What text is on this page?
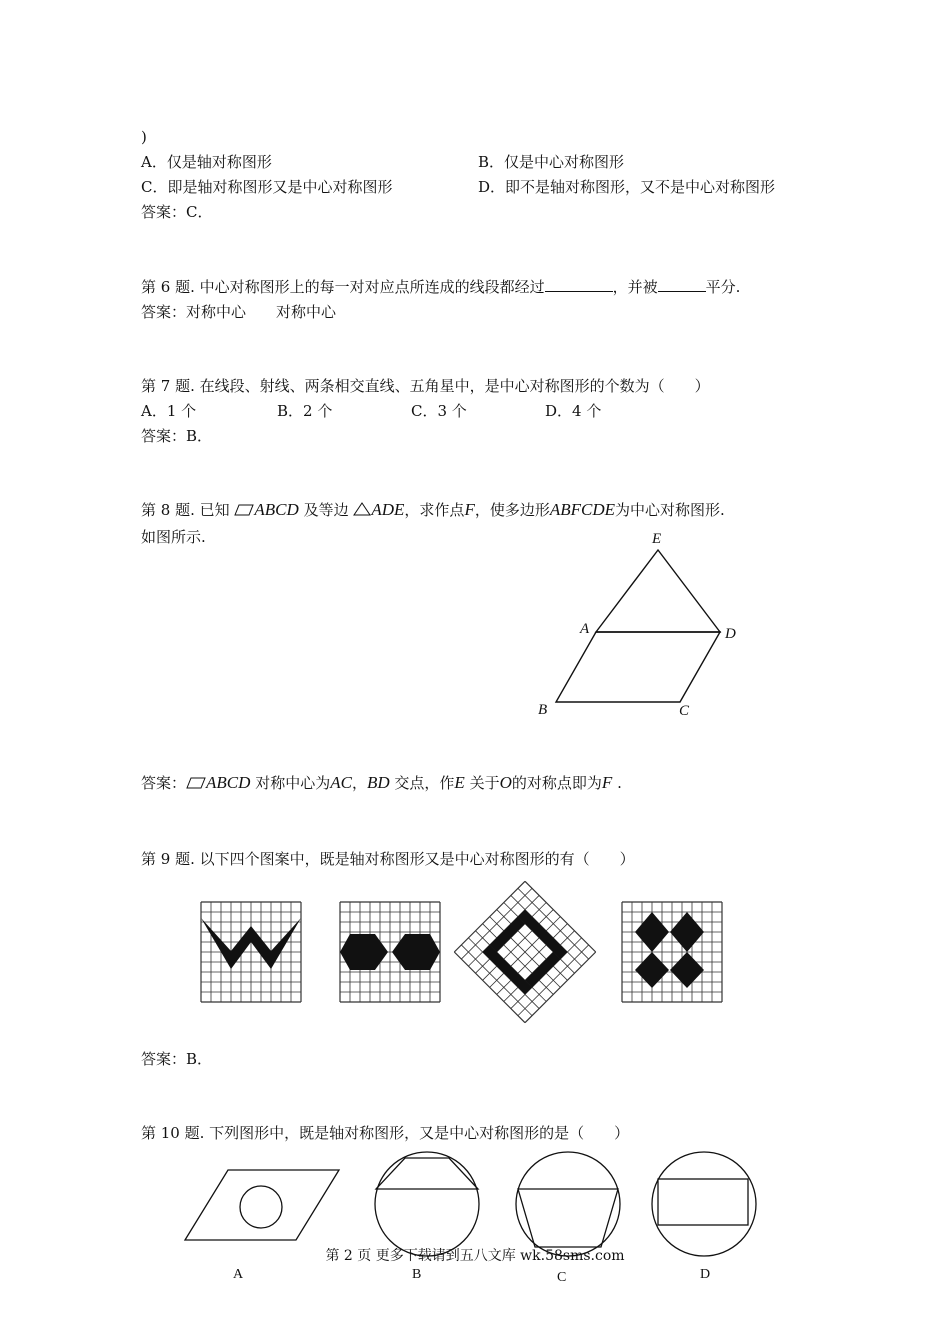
)
A．仅是轴对称图形	B．仅是中心对称图形
C．即是轴对称图形又是中心对称图形	D．即不是轴对称图形，又不是中心对称图形
答案：C．
第 6 题. 中心对称图形上的每一对对应点所连成的线段都经过	，并被	平分.
答案：对称中心　　对称中心
第 7 题. 在线段、射线、两条相交直线、五角星中，是中心对称图形的个数为（　　）
A．1 个	B．2 个	C．3 个	D．4 个
答案：B．
第 8 题. 已知 ABCD 及等边 ADE，求作点F，使多边形ABFCDE为中心对称图形.
如图所示.	E
A	D
B	C
答案： ABCD 对称中心为AC，BD 交点，作E 关于O的对称点即为F .
第 9 题. 以下四个图案中，既是轴对称图形又是中心对称图形的有（　　）
答案：B．
第 10 题. 下列图形中，既是轴对称图形，又是中心对称图形的是（　　）
第 2 页 更多下载请到五八文库 wk.58sms.com
A	B	C	D
